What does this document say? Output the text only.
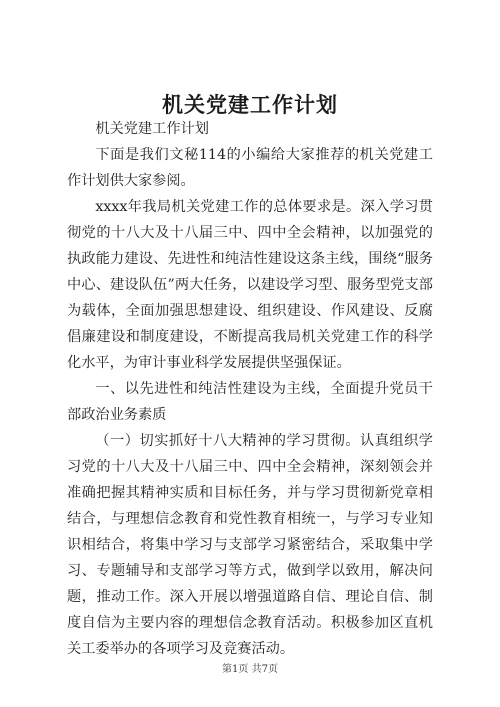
机关党建工作计划

机关党建工作计划

下面是我们文秘114的小编给大家推荐的机关党建工作计划供大家参阅。

xxxx年我局机关党建工作的总体要求是。深入学习贯彻党的十八大及十八届三中、四中全会精神，以加强党的执政能力建设、先进性和纯洁性建设这条主线，围绕“服务中心、建设队伍”两大任务，以建设学习型、服务型党支部为载体，全面加强思想建设、组织建设、作风建设、反腐倡廉建设和制度建设，不断提高我局机关党建工作的科学化水平，为审计事业科学发展提供坚强保证。

一、以先进性和纯洁性建设为主线，全面提升党员干部政治业务素质

（一）切实抓好十八大精神的学习贯彻。认真组织学习党的十八大及十八届三中、四中全会精神，深刻领会并准确把握其精神实质和目标任务，并与学习贯彻新党章相结合，与理想信念教育和党性教育相统一，与学习专业知识相结合，将集中学习与支部学习紧密结合，采取集中学习、专题辅导和支部学习等方式，做到学以致用，解决问题，推动工作。深入开展以增强道路自信、理论自信、制度自信为主要内容的理想信念教育活动。积极参加区直机关工委举办的各项学习及竞赛活动。

第1页 共7页
